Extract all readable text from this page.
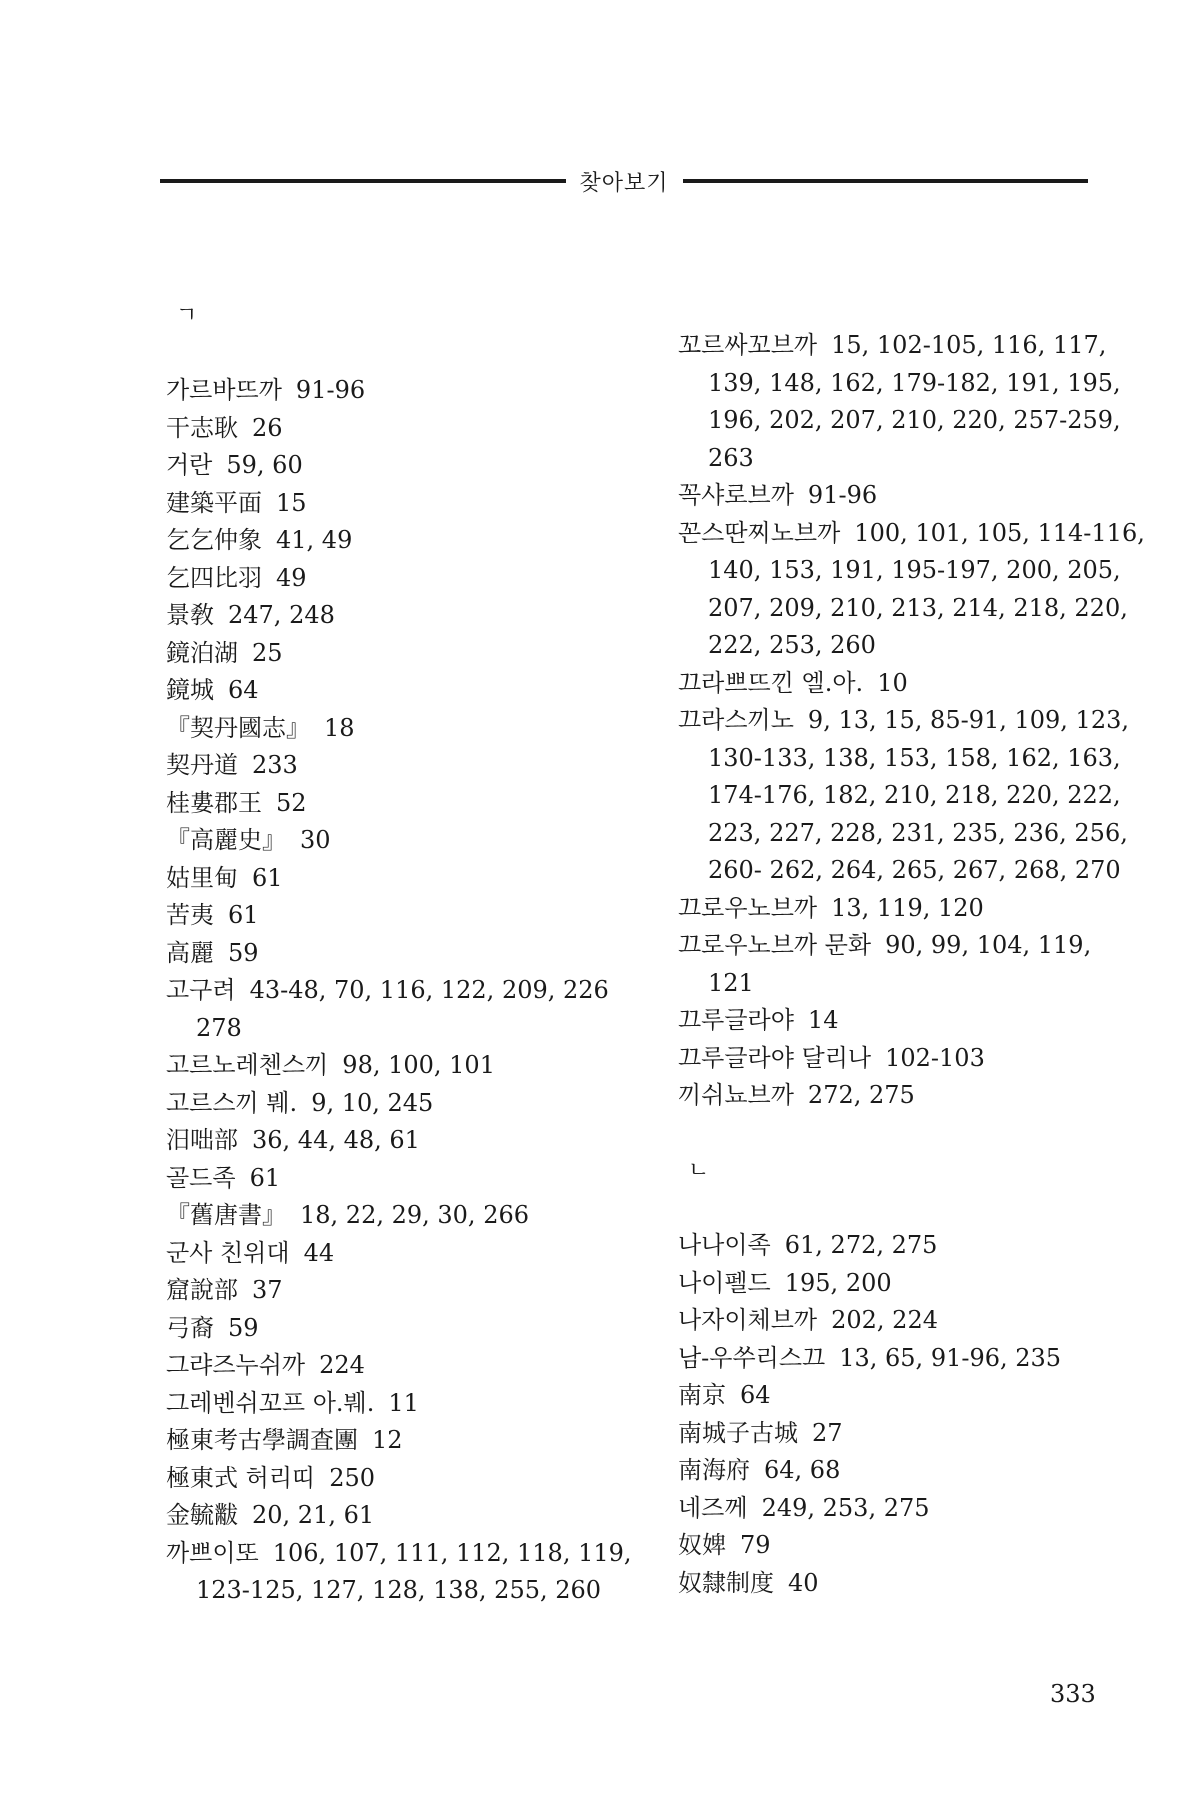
찾아보기
ㄱ

가르바뜨까 91-96

干志耿 26

거란 59, 60

建築平面 15

乞乞仲象 41, 49

乞四比羽 49

景敎 247, 248

鏡泊湖 25

鏡城 64

『契丹國志』 18

契丹道 233

桂婁郡王 52

『高麗史』 30

姑里甸 61

苦夷 61

高麗 59

고구려 43-48, 70, 116, 122, 209, 226

278

고르노레첸스끼 98, 100, 101

고르스끼 붸. 9, 10, 245

汨咄部 36, 44, 48, 61

골드족 61

『舊唐書』 18, 22, 29, 30, 266

군사 친위대 44

窟說部 37

弓裔 59

그랴즈누쉬까 224

그레벤쉬꼬프 아.붸. 11

極東考古學調査團 12

極東式 허리띠 250

金毓黻 20, 21, 61

까쁘이또 106, 107, 111, 112, 118, 119,

123-125, 127, 128, 138, 255, 260

꼬르싸꼬브까 15, 102-105, 116, 117,

139, 148, 162, 179-182, 191, 195,

196, 202, 207, 210, 220, 257-259,

263

꼭샤로브까 91-96

꼰스딴찌노브까 100, 101, 105, 114-116,

140, 153, 191, 195-197, 200, 205,

207, 209, 210, 213, 214, 218, 220,

222, 253, 260

끄라쁘뜨낀 엘.아. 10

끄라스끼노 9, 13, 15, 85-91, 109, 123,

130-133, 138, 153, 158, 162, 163,

174-176, 182, 210, 218, 220, 222,

223, 227, 228, 231, 235, 236, 256,

260- 262, 264, 265, 267, 268, 270

끄로우노브까 13, 119, 120

끄로우노브까 문화 90, 99, 104, 119,

121

끄루글라야 14

끄루글라야 달리나 102-103

끼쉬뇨브까 272, 275

ㄴ

나나이족 61, 272, 275

나이펠드 195, 200

나자이체브까 202, 224

남-우쑤리스끄 13, 65, 91-96, 235

南京 64

南城子古城 27

南海府 64, 68

네즈께 249, 253, 275

奴婢 79

奴隸制度 40

333
